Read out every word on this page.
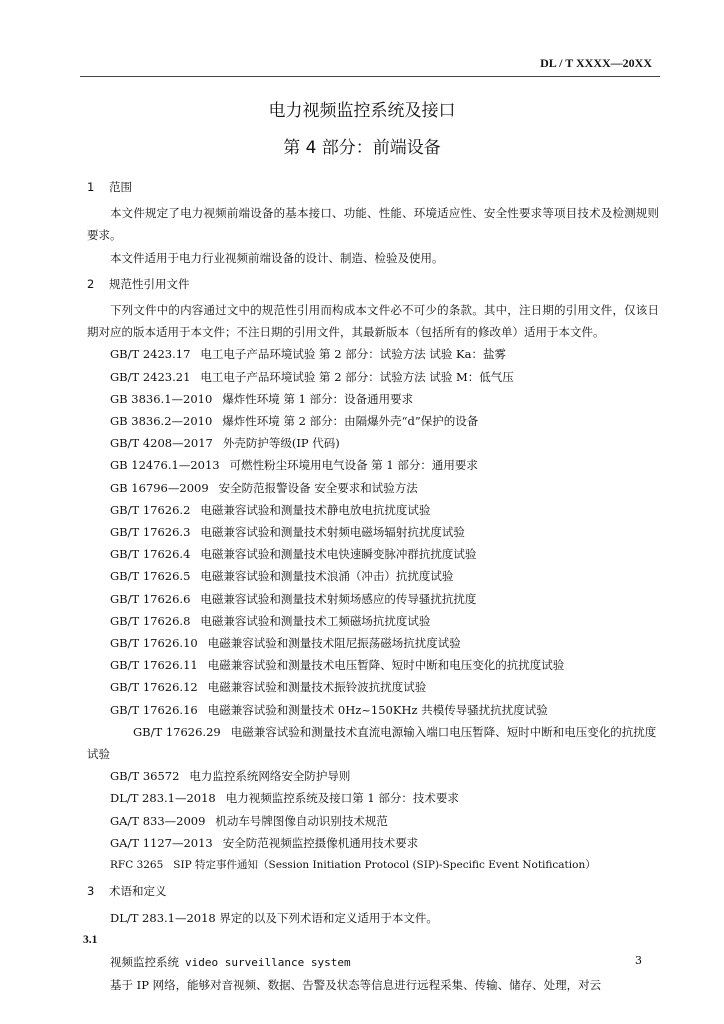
DL / T XXXX—20XX
电力视频监控系统及接口
第 4 部分：前端设备

1 范围

本文件规定了电力视频前端设备的基本接口、功能、性能、环境适应性、安全性要求等项目技术及检测规则要求。

本文件适用于电力行业视频前端设备的设计、制造、检验及使用。

2 规范性引用文件

下列文件中的内容通过文中的规范性引用而构成本文件必不可少的条款。其中，注日期的引用文件，仅该日期对应的版本适用于本文件；不注日期的引用文件，其最新版本（包括所有的修改单）适用于本文件。

GB/T 2423.17 电工电子产品环境试验 第 2 部分：试验方法 试验 Ka：盐雾
GB/T 2423.21 电工电子产品环境试验 第 2 部分：试验方法 试验 M：低气压
GB 3836.1—2010 爆炸性环境 第 1 部分：设备通用要求
GB 3836.2—2010 爆炸性环境 第 2 部分：由隔爆外壳“d”保护的设备
GB/T 4208—2017 外壳防护等级(IP 代码)
GB 12476.1—2013 可燃性粉尘环境用电气设备 第 1 部分：通用要求
GB 16796—2009 安全防范报警设备 安全要求和试验方法
GB/T 17626.2 电磁兼容试验和测量技术静电放电抗扰度试验
GB/T 17626.3 电磁兼容试验和测量技术射频电磁场辐射抗扰度试验
GB/T 17626.4 电磁兼容试验和测量技术电快速瞬变脉冲群抗扰度试验
GB/T 17626.5 电磁兼容试验和测量技术浪涌（冲击）抗扰度试验
GB/T 17626.6 电磁兼容试验和测量技术射频场感应的传导骚扰抗扰度
GB/T 17626.8 电磁兼容试验和测量技术工频磁场抗扰度试验
GB/T 17626.10 电磁兼容试验和测量技术阻尼振荡磁场抗扰度试验
GB/T 17626.11 电磁兼容试验和测量技术电压暂降、短时中断和电压变化的抗扰度试验
GB/T 17626.12 电磁兼容试验和测量技术振铃波抗扰度试验
GB/T 17626.16 电磁兼容试验和测量技术 0Hz~150KHz 共模传导骚扰抗扰度试验
GB/T 17626.29 电磁兼容试验和测量技术直流电源输入端口电压暂降、短时中断和电压变化的抗扰度试验
GB/T 36572 电力监控系统网络安全防护导则
DL/T 283.1—2018 电力视频监控系统及接口第 1 部分：技术要求
GA/T 833—2009 机动车号牌图像自动识别技术规范
GA/T 1127—2013 安全防范视频监控摄像机通用技术要求
RFC 3265 SIP 特定事件通知（Session Initiation Protocol (SIP)-Specific Event Notification）

3 术语和定义

DL/T 283.1—2018 界定的以及下列术语和定义适用于本文件。

3.1

视频监控系统 video surveillance system

基于 IP 网络，能够对音视频、数据、告警及状态等信息进行远程采集、传输、储存、处理，对云

3
